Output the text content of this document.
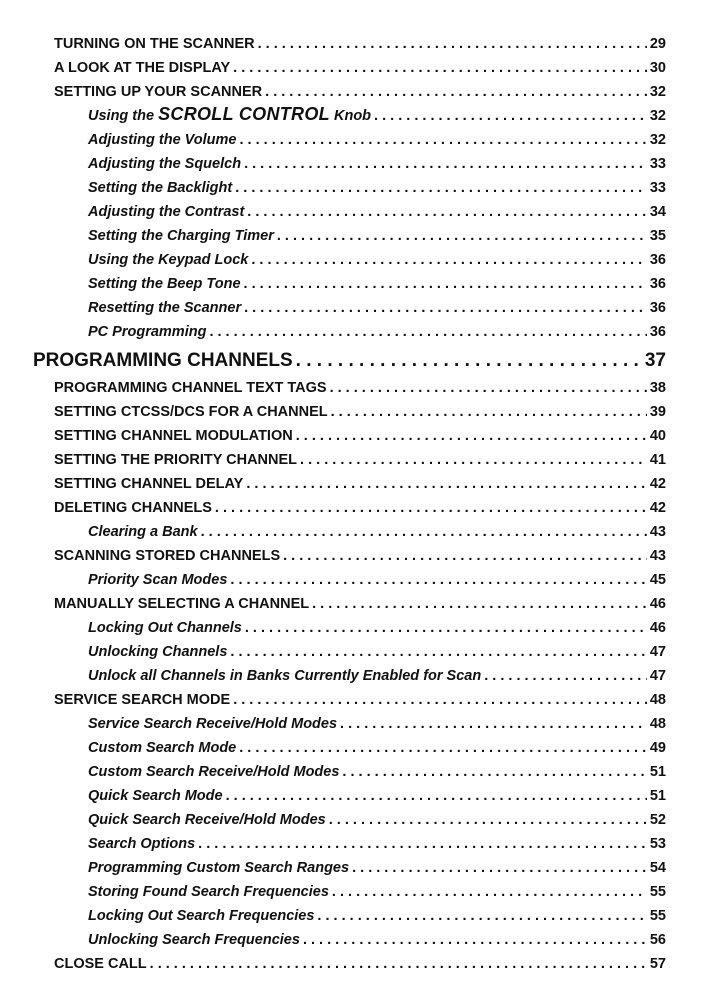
TURNING ON THE SCANNER . . .	29
A LOOK AT THE DISPLAY . . .	30
SETTING UP YOUR SCANNER . . .	32
Using the SCROLL CONTROL Knob . . .	32
Adjusting the Volume . . .	32
Adjusting the Squelch . . .	33
Setting the Backlight . . .	33
Adjusting the Contrast . . .	34
Setting the Charging Timer . . .	35
Using the Keypad Lock . . .	36
Setting the Beep Tone . . .	36
Resetting the Scanner . . .	36
PC Programming . . .	36
PROGRAMMING CHANNELS . . .	37
PROGRAMMING CHANNEL TEXT TAGS . . .	38
SETTING CTCSS/DCS FOR A CHANNEL . . .	39
SETTING CHANNEL MODULATION . . .	40
SETTING THE PRIORITY CHANNEL . . .	41
SETTING CHANNEL DELAY . . .	42
DELETING CHANNELS . . .	42
Clearing a Bank . . .	43
SCANNING STORED CHANNELS . . .	43
Priority Scan Modes . . .	45
MANUALLY SELECTING A CHANNEL . . .	46
Locking Out Channels . . .	46
Unlocking Channels . . .	47
Unlock all Channels in Banks Currently Enabled for Scan . . .	47
SERVICE SEARCH MODE . . .	48
Service Search Receive/Hold Modes . . .	48
Custom Search Mode . . .	49
Custom Search Receive/Hold Modes . . .	51
Quick Search Mode . . .	51
Quick Search Receive/Hold Modes . . .	52
Search Options . . .	53
Programming Custom Search Ranges . . .	54
Storing Found Search Frequencies . . .	55
Locking Out Search Frequencies . . .	55
Unlocking Search Frequencies . . .	56
CLOSE CALL . . .	57
